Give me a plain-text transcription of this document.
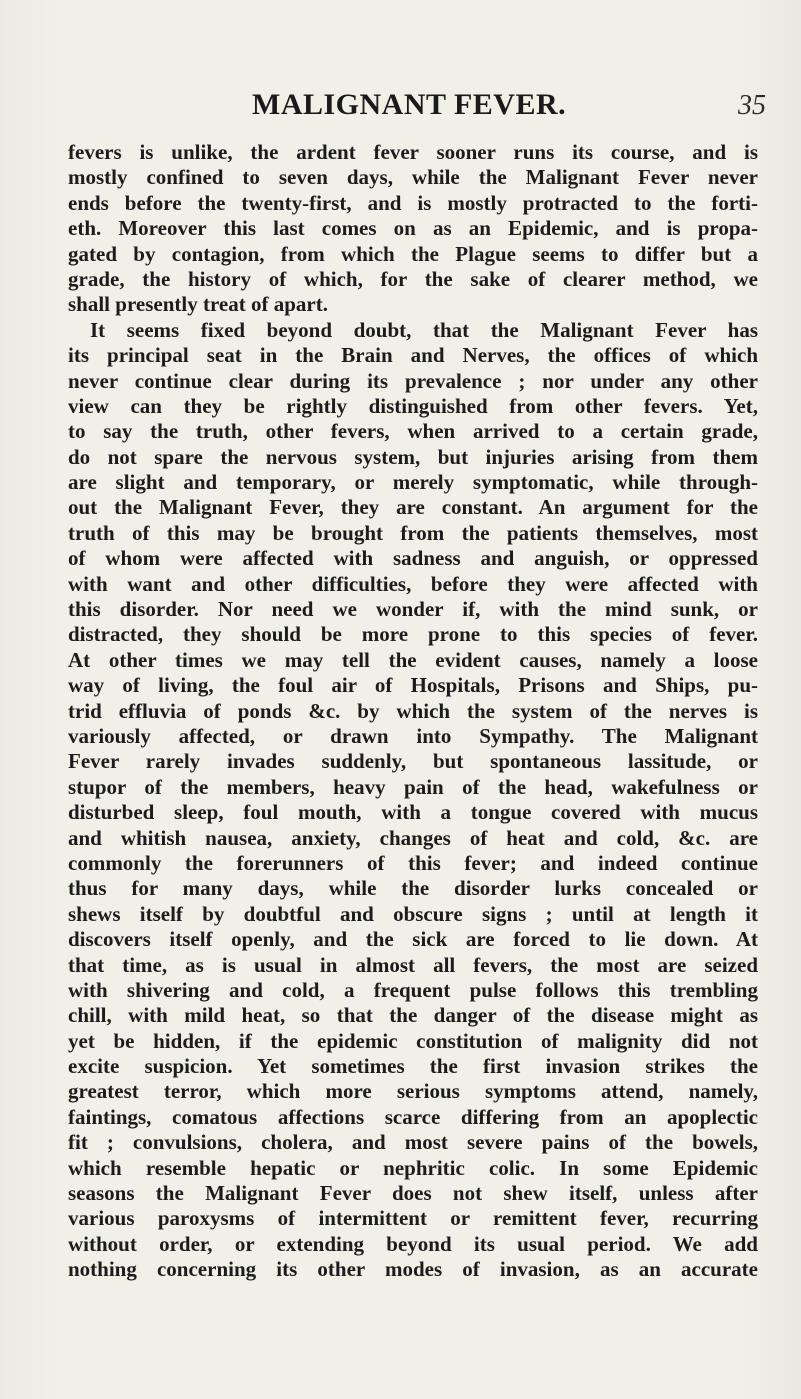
MALIGNANT FEVER.	35
fevers is unlike, the ardent fever sooner runs its course, and is
mostly confined to seven days, while the Malignant Fever never
ends before the twenty-first, and is mostly protracted to the forti-
eth. Moreover this last comes on as an Epidemic, and is propa-
gated by contagion, from which the Plague seems to differ but a
grade, the history of which, for the sake of clearer method, we
shall presently treat of apart.
It seems fixed beyond doubt, that the Malignant Fever has
its principal seat in the Brain and Nerves, the offices of which
never continue clear during its prevalence ; nor under any other
view can they be rightly distinguished from other fevers. Yet,
to say the truth, other fevers, when arrived to a certain grade,
do not spare the nervous system, but injuries arising from them
are slight and temporary, or merely symptomatic, while through-
out the Malignant Fever, they are constant. An argument for the
truth of this may be brought from the patients themselves, most
of whom were affected with sadness and anguish, or oppressed
with want and other difficulties, before they were affected with
this disorder. Nor need we wonder if, with the mind sunk, or
distracted, they should be more prone to this species of fever.
At other times we may tell the evident causes, namely a loose
way of living, the foul air of Hospitals, Prisons and Ships, pu-
trid effluvia of ponds &c. by which the system of the nerves is
variously affected, or drawn into Sympathy. The Malignant
Fever rarely invades suddenly, but spontaneous lassitude, or
stupor of the members, heavy pain of the head, wakefulness or
disturbed sleep, foul mouth, with a tongue covered with mucus
and whitish nausea, anxiety, changes of heat and cold, &c. are
commonly the forerunners of this fever; and indeed continue
thus for many days, while the disorder lurks concealed or
shews itself by doubtful and obscure signs ; until at length it
discovers itself openly, and the sick are forced to lie down. At
that time, as is usual in almost all fevers, the most are seized
with shivering and cold, a frequent pulse follows this trembling
chill, with mild heat, so that the danger of the disease might as
yet be hidden, if the epidemic constitution of malignity did not
excite suspicion. Yet sometimes the first invasion strikes the
greatest terror, which more serious symptoms attend, namely,
faintings, comatous affections scarce differing from an apoplectic
fit ; convulsions, cholera, and most severe pains of the bowels,
which resemble hepatic or nephritic colic. In some Epidemic
seasons the Malignant Fever does not shew itself, unless after
various paroxysms of intermittent or remittent fever, recurring
without order, or extending beyond its usual period. We add
nothing concerning its other modes of invasion, as an accurate
